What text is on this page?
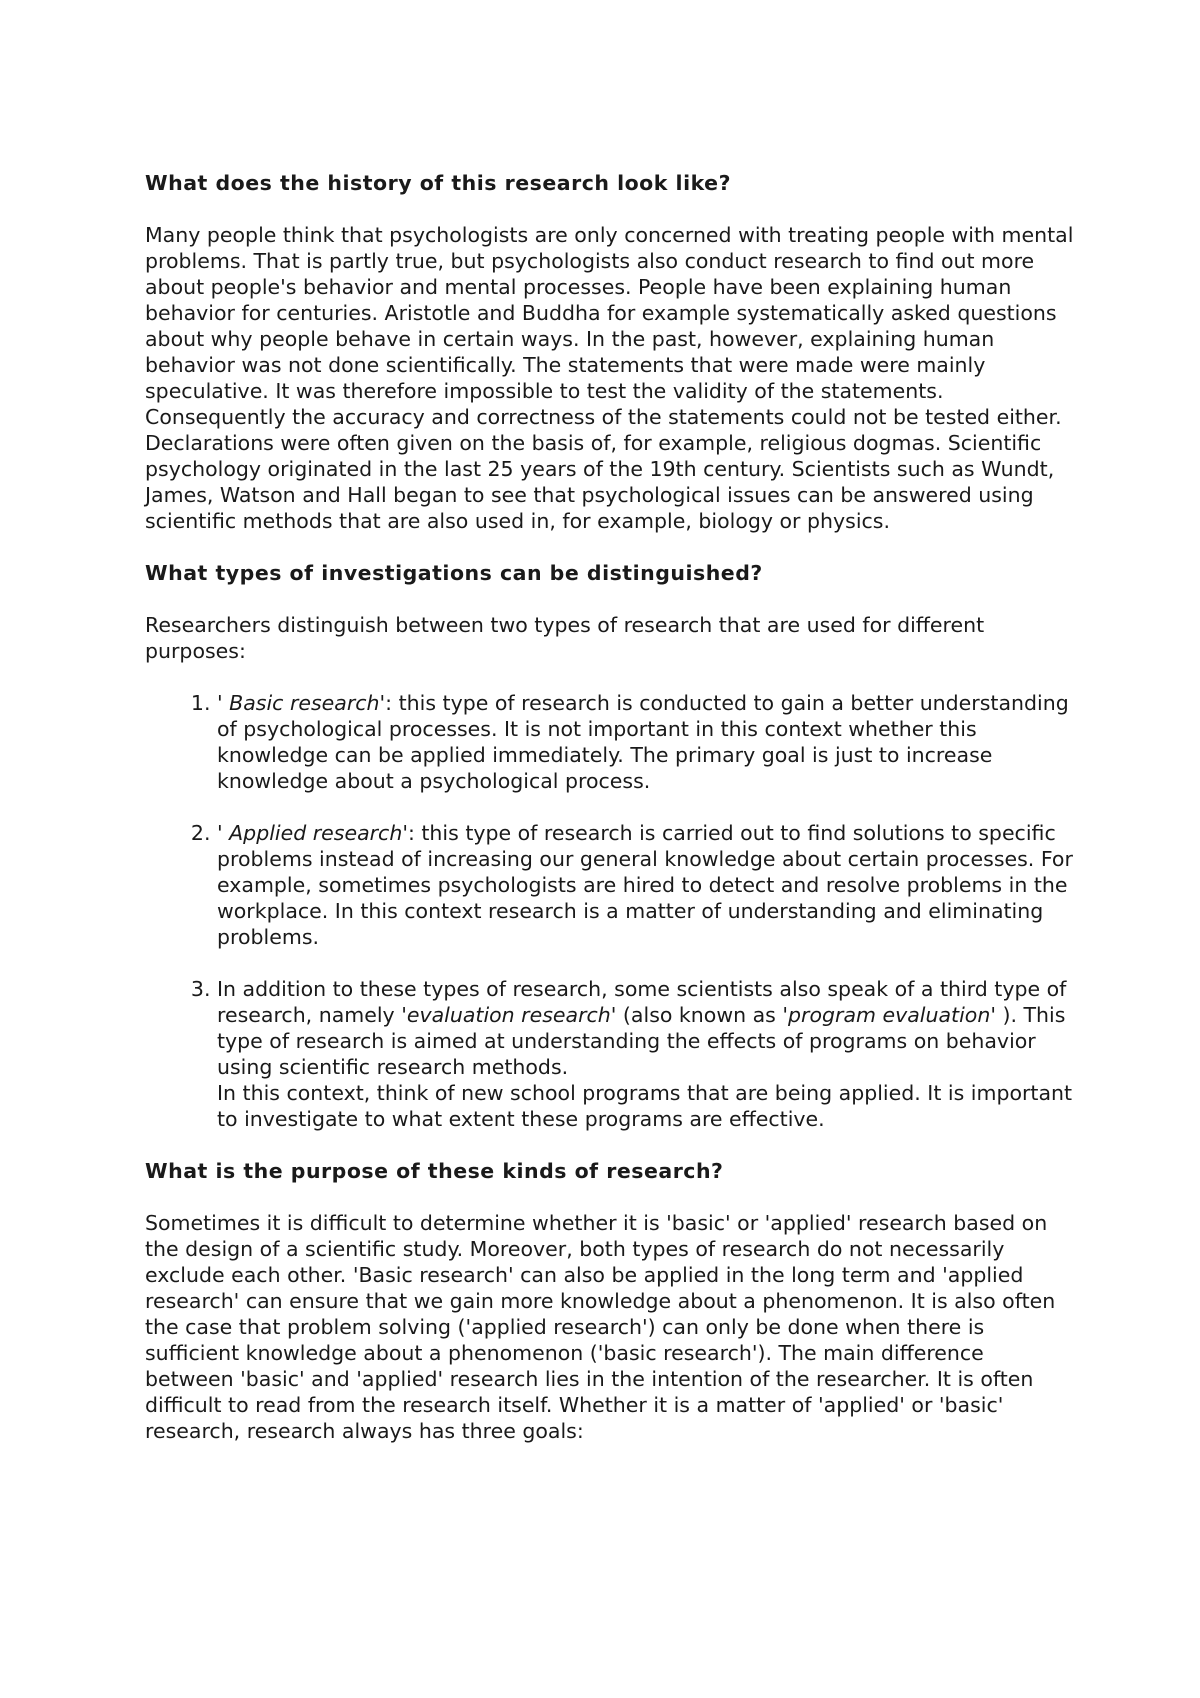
What does the history of this research look like?

Many people think that psychologists are only concerned with treating people with mental problems. That is partly true, but psychologists also conduct research to find out more about people's behavior and mental processes. People have been explaining human behavior for centuries. Aristotle and Buddha for example systematically asked questions about why people behave in certain ways. In the past, however, explaining human behavior was not done scientifically. The statements that were made were mainly speculative. It was therefore impossible to test the validity of the statements. Consequently the accuracy and correctness of the statements could not be tested either. Declarations were often given on the basis of, for example, religious dogmas. Scientific psychology originated in the last 25 years of the 19th century. Scientists such as Wundt, James, Watson and Hall began to see that psychological issues can be answered using scientific methods that are also used in, for example, biology or physics.

What types of investigations can be distinguished?

Researchers distinguish between two types of research that are used for different purposes:

1. ' Basic research': this type of research is conducted to gain a better understanding of psychological processes. It is not important in this context whether this knowledge can be applied immediately. The primary goal is just to increase knowledge about a psychological process.
2. ' Applied research': this type of research is carried out to find solutions to specific problems instead of increasing our general knowledge about certain processes. For example, sometimes psychologists are hired to detect and resolve problems in the workplace. In this context research is a matter of understanding and eliminating problems.
3. In addition to these types of research, some scientists also speak of a third type of research, namely 'evaluation research' (also known as 'program evaluation' ). This type of research is aimed at understanding the effects of programs on behavior using scientific research methods.
In this context, think of new school programs that are being applied. It is important to investigate to what extent these programs are effective.
What is the purpose of these kinds of research?

Sometimes it is difficult to determine whether it is 'basic' or 'applied' research based on the design of a scientific study. Moreover, both types of research do not necessarily exclude each other. 'Basic research' can also be applied in the long term and 'applied research' can ensure that we gain more knowledge about a phenomenon. It is also often the case that problem solving ('applied research') can only be done when there is sufficient knowledge about a phenomenon ('basic research'). The main difference between 'basic' and 'applied' research lies in the intention of the researcher. It is often difficult to read from the research itself. Whether it is a matter of 'applied' or 'basic' research, research always has three goals:
